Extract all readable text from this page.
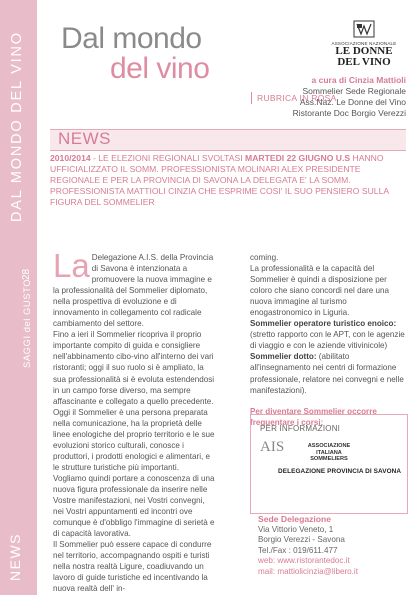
DAL MONDO DEL VINO
28
SAGGI del GUSTO
NEWS
Dal mondo
del vino
RUBRICA IN ROSA
ASSOCIAZIONE NAZIONALE
LE DONNE
DEL VINO
a cura di Cinzia Mattioli
Sommelier Sede Regionale
Ass.Naz. Le Donne del Vino
Ristorante Doc Borgio Verezzi
NEWS
2010/2014 - LE ELEZIONI REGIONALI SVOLTASI MARTEDI 22 GIUGNO U.S HANNO UFFICIALIZZATO IL SOMM. PROFESSIONISTA MOLINARI ALEX PRESIDENTE REGIONALE E PER LA PROVINCIA DI SAVONA LA DELEGATA E' LA SOMM. PROFESSIONISTA MATTIOLI CINZIA CHE ESPRIME COSI' IL SUO PENSIERO SULLA FIGURA DEL SOMMELIER

La Delegazione A.I.S. della Provincia di Savona è intenzionata a promuovere la nuova immagine e la professionalità del Sommelier diplomato, nella prospettiva di evoluzione e di innovamento in collegamento col radicale cambiamento del settore.

Fino a ieri il Sommelier ricopriva il proprio importante compito di guida e consigliere nell'abbinamento cibo-vino all'interno dei vari ristoranti; oggi il suo ruolo si è ampliato, la sua professionalità si è evoluta estendendosi in un campo forse diverso, ma sempre affascinante e collegato a quello precedente.

Oggi il Sommelier è una persona preparata nella comunicazione, ha la proprietà delle linee enologiche del proprio territorio e le sue evoluzioni storico culturali, conosce i produttori, i prodotti enologici e alimentari, e le strutture turistiche più importanti.

Vogliamo quindi portare a conoscenza di una nuova figura professionale da inserire nelle Vostre manifestazioni, nei Vostri convegni, nei Vostri appuntamenti ed incontri ove comunque è d'obbligo l'immagine di serietà e di capacità lavorativa.

Il Sommelier può essere capace di condurre nel territorio, accompagnando ospiti e turisti nella nostra realtà Ligure, coadiuvando un lavoro di guide turistiche ed incentivando la nuova realtà dell' in-

coming.

La professionalità e la capacità del Sommelier è quindi a disposizione per coloro che siano concordi nel dare una nuova immagine al turismo enogastronomico in Liguria.

Sommelier operatore turistico enoico: (stretto rapporto con le APT, con le agenzie di viaggio e con le aziende vitivinicole)

Sommelier dotto: (abilitato all'insegnamento nei centri di formazione professionale, relatore nei convegni e nelle manifestazioni).

Per diventare Sommelier occorre frequentare i corsi:

PER INFORMAZIONI
AIS	ASSOCIAZIONE
ITALIANA
SOMMELIERS
DELEGAZIONE PROVINCIA DI SAVONA
Sede Delegazione
Via Vittorio Veneto, 1
Borgio Verezzi - Savona
Tel./Fax : 019/611.477
web: www.ristorantedoc.it
mail: mattiolicinzia@libero.it
